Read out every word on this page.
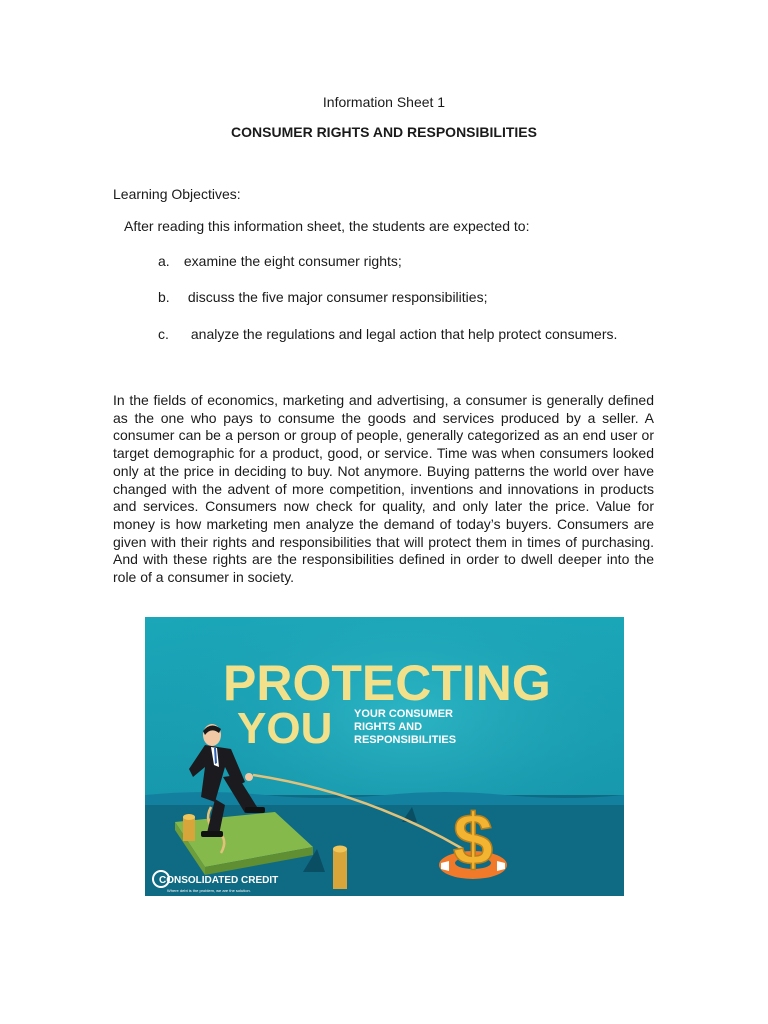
Information Sheet 1
CONSUMER RIGHTS AND RESPONSIBILITIES
Learning Objectives:
After reading this information sheet, the students are expected to:
a. examine the eight consumer rights;
b. discuss the five major consumer responsibilities;
c. analyze the regulations and legal action that help protect consumers.
In the fields of economics, marketing and advertising, a consumer is generally defined as the one who pays to consume the goods and services produced by a seller. A consumer can be a person or group of people, generally categorized as an end user or target demographic for a product, good, or service. Time was when consumers looked only at the price in deciding to buy. Not anymore. Buying patterns the world over have changed with the advent of more competition, inventions and innovations in products and services. Consumers now check for quality, and only later the price. Value for money is how marketing men analyze the demand of today’s buyers. Consumers are given with their rights and responsibilities that will protect them in times of purchasing. And with these rights are the responsibilities defined in order to dwell deeper into the role of a consumer in society.
PROTECTING
YOU YOUR CONSUMER
RIGHTS AND
RESPONSIBILITIES
$
CONSOLIDATED CREDIT
Where debt is the problem, we are the solution.
